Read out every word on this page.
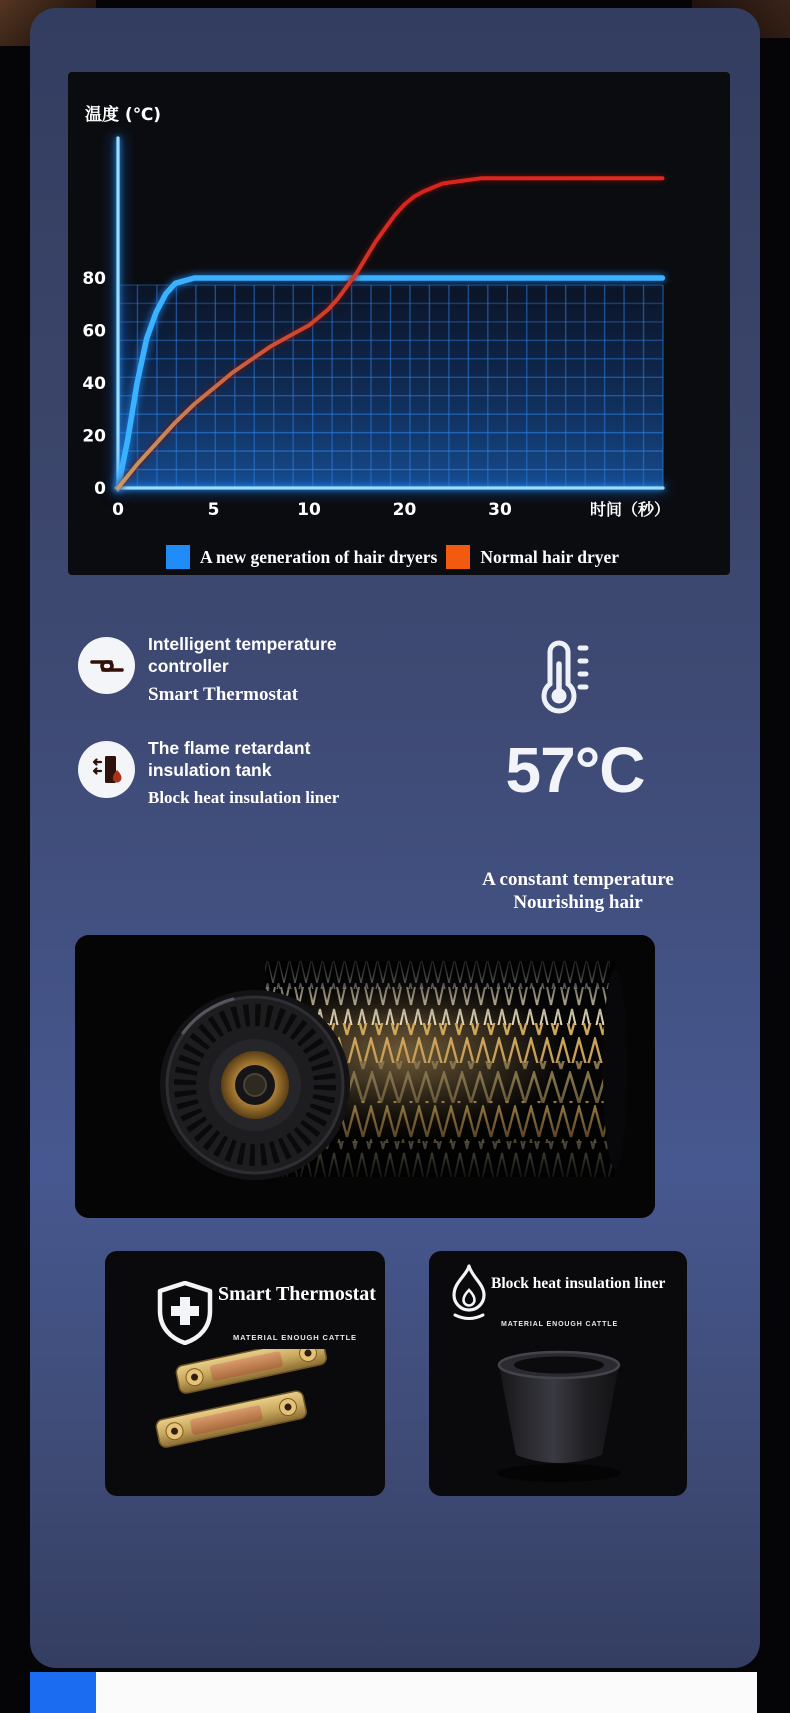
0
20
40
60
80
0	5	10	20	30	时间（秒）
温度 (℃)
A new generation of hair dryers Normal hair dryer
Intelligent temperature
controller
Smart Thermostat
The flame retardant
insulation tank
Block heat insulation liner	57°C
A constant temperature
Nourishing hair
Smart Thermostat
MATERIAL ENOUGH CATTLE
Block heat insulation liner
MATERIAL ENOUGH CATTLE
